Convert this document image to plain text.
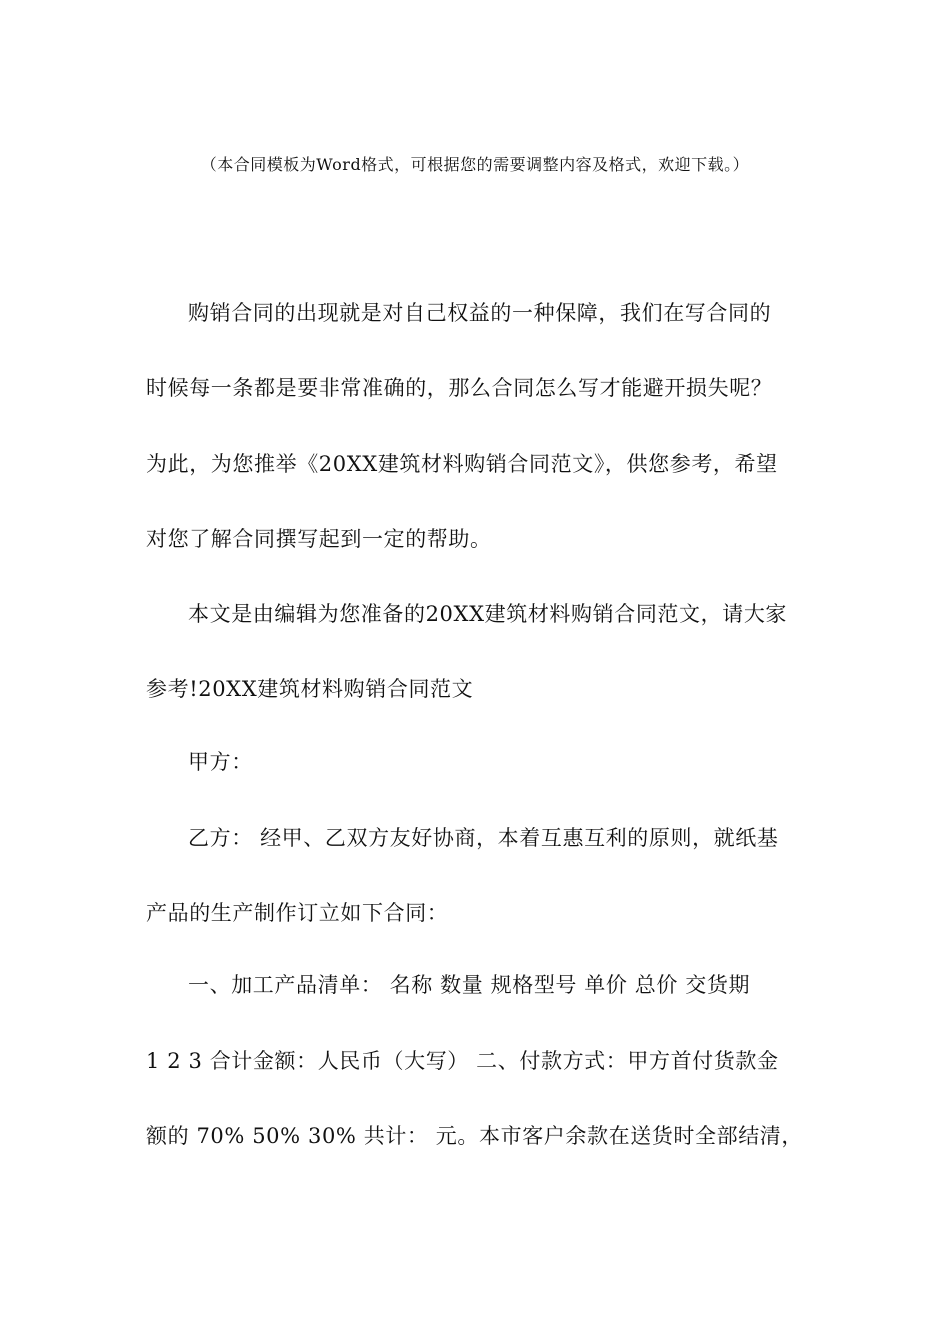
（本合同模板为Word格式，可根据您的需要调整内容及格式，欢迎下载。）
购销合同的出现就是对自己权益的一种保障，我们在写合同的
时候每一条都是要非常准确的，那么合同怎么写才能避开损失呢？
为此，为您推举《20XX建筑材料购销合同范文》，供您参考，希望
对您了解合同撰写起到一定的帮助。
本文是由编辑为您准备的20XX建筑材料购销合同范文，请大家
参考!20XX建筑材料购销合同范文
甲方：
乙方： 经甲、乙双方友好协商，本着互惠互利的原则，就纸基
产品的生产制作订立如下合同：
一、加工产品清单： 名称 数量 规格型号 单价 总价 交货期
1 2 3 合计金额：人民币（大写） 二、付款方式：甲方首付货款金
额的 70% 50% 30% 共计： 元。本市客户余款在送货时全部结清，
